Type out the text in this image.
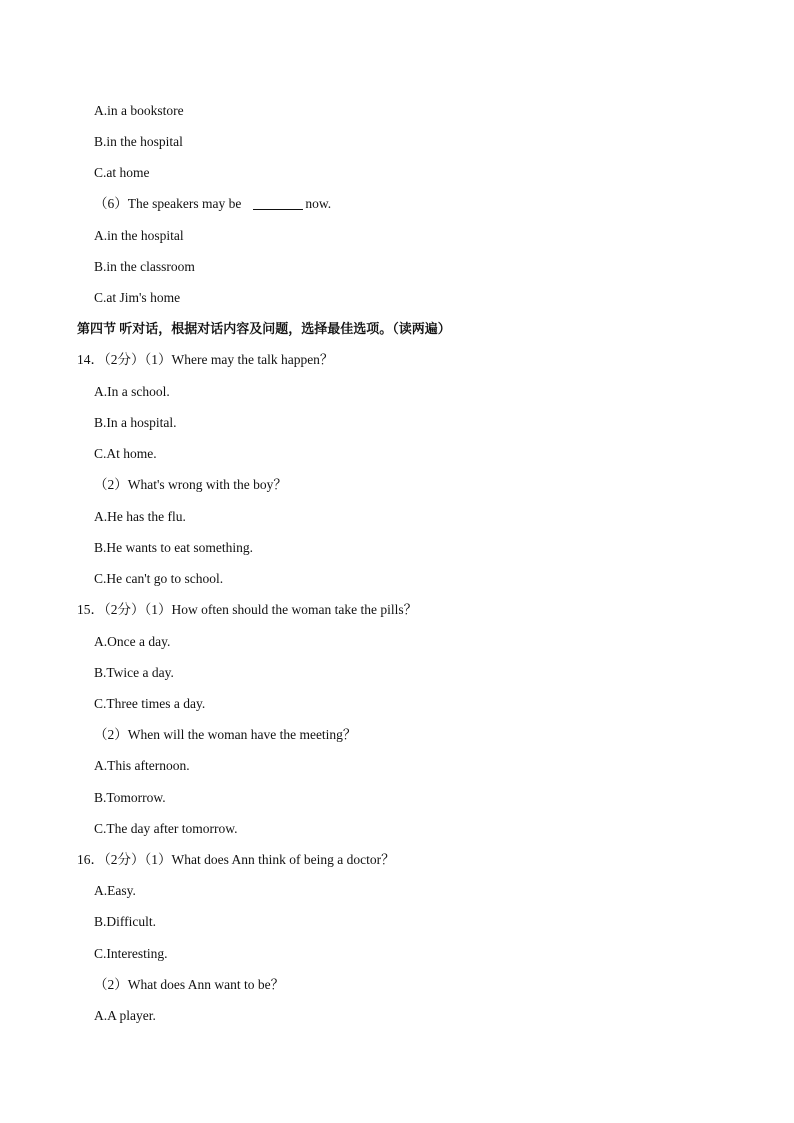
A.in a bookstore
B.in the hospital
C.at home
（6）The speakers may be	now.
A.in the hospital
B.in the classroom
C.at Jim's home
第四节 听对话，根据对话内容及问题，选择最佳选项。（读两遍）
14．（2分）（1）Where may the talk happen？
A.In a school.
B.In a hospital.
C.At home.
（2）What's wrong with the boy？
A.He has the flu.
B.He wants to eat something.
C.He can't go to school.
15．（2分）（1）How often should the woman take the pills？
A.Once a day.
B.Twice a day.
C.Three times a day.
（2）When will the woman have the meeting？
A.This afternoon.
B.Tomorrow.
C.The day after tomorrow.
16．（2分）（1）What does Ann think of being a doctor？
A.Easy.
B.Difficult.
C.Interesting.
（2）What does Ann want to be？
A.A player.
